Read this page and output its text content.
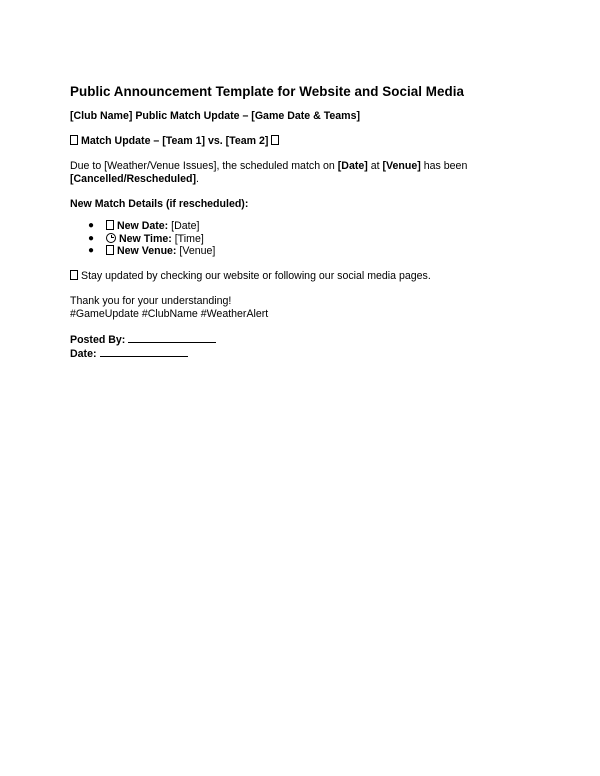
Public Announcement Template for Website and Social Media

[Club Name] Public Match Update – [Game Date & Teams]

Match Update – [Team 1] vs. [Team 2]

Due to [Weather/Venue Issues], the scheduled match on [Date] at [Venue] has been
[Cancelled/Rescheduled].

New Match Details (if rescheduled):

● New Date: [Date]
● New Time: [Time]
● New Venue: [Venue]

Stay updated by checking our website or following our social media pages.

Thank you for your understanding!
#GameUpdate #ClubName #WeatherAlert

Posted By:
Date:
